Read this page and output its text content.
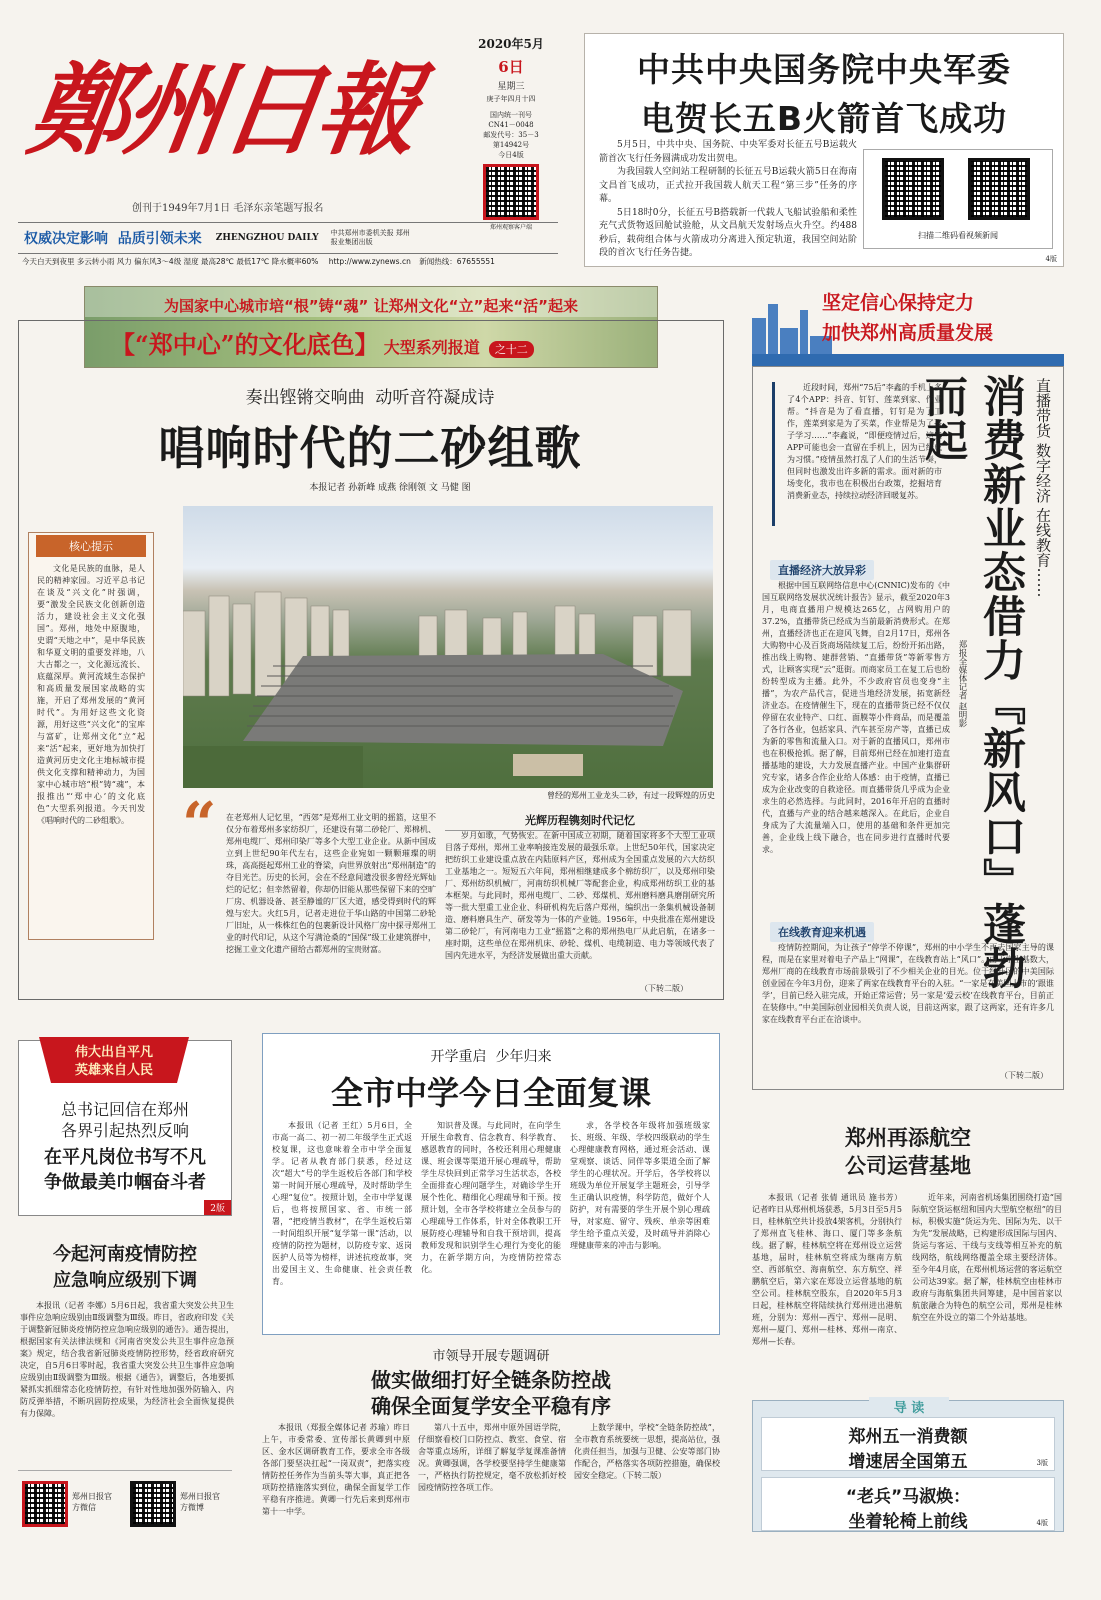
鄭州日報
创刊于1949年7月1日 毛泽东亲笔题写报名
2020年5月
6日
星期三
庚子年四月十四
国内统一刊号
CN41－0048
邮发代号：35－3
第14942号
今日4版
郑州观察客户端
权威决定影响  品质引领未来 ZHENGZHOU DAILY
中共郑州市委机关报 郑州报业集团出版
今天白天到夜里 多云转小雨 风力 偏东风3～4级 湿度 最高28℃ 最低17℃ 降水概率60% http://www.zynews.cn 新闻热线：67655551
中共中央国务院中央军委
电贺长五B火箭首飞成功

5月5日，中共中央、国务院、中央军委对长征五号B运载火箭首次飞行任务圆满成功发出贺电。

为我国载人空间站工程研制的长征五号B运载火箭5日在海南文昌首飞成功，正式拉开我国载人航天工程“第三步”任务的序幕。

5日18时0分，长征五号B搭载新一代载人飞船试验船和柔性充气式货物返回舱试验舱，从文昌航天发射场点火升空。约488秒后，载荷组合体与火箭成功分离进入预定轨道，我国空间站阶段的首次飞行任务告捷。

扫描二维码看视频新闻
4版
为国家中心城市培“根”铸“魂” 让郑州文化“立”起来“活”起来
【“郑中心”的文化底色】 大型系列报道 之十二
奏出铿锵交响曲  动听音符凝成诗
唱响时代的二砂组歌
本报记者 孙新峰 成燕 徐刚领 文 马健 图
核心提示

文化是民族的血脉，是人民的精神家园。习近平总书记在谈及“兴文化”时强调，要“激发全民族文化创新创造活力，建设社会主义文化强国”。郑州，地处中原腹地，史谓“天地之中”，是中华民族和华夏文明的重要发祥地，八大古都之一，文化源远流长、底蕴深厚。黄河流域生态保护和高质量发展国家战略的实施，开启了郑州发展的“黄河时代”。为用好这些文化资源，用好这些“兴文化”的宝库与富矿，让郑州文化“立”起来“活”起来，更好地为加快打造黄河历史文化主地标城市提供文化支撑和精神动力，为国家中心城市培“根”铸“魂”，本报推出“‘郑中心’的文化底色”大型系列报道。今天刊发《唱响时代的二砂组歌》。

曾经的郑州工业龙头二砂，有过一段辉煌的历史
“	在老郑州人记忆里，“西郊”是郑州工业文明的摇篮，这里不仅分布着郑州多家纺织厂，还建设有第二砂轮厂、郑棉机、郑州电缆厂、郑州印染厂等多个大型工业企业。从新中国成立到上世纪90年代左右，这些企业宛如一颗颗璀璨的明珠，高高挺起郑州工业的脊梁，向世界放射出“郑州制造”的夺目光芒。历史的长河，会在不经意间遗没很多曾经光辉灿烂的记忆；但幸然留着，你却仍旧能从那些保留下来的空旷厂房、机器设备、甚至静谧的厂区大道，感受得到时代的辉煌与宏大。火红5月，记者走进位于华山路的中国第二砂轮厂旧址，从一株株红色的包裹新设计风格厂房中探寻郑州工业的时代印记，从这个写满沧桑的“国保”级工业建筑群中，挖掘工业文化遗产留给古都郑州的宝贵财富。

光辉历程镌刻时代记忆

岁月如歌，气势恢宏。在新中国成立初期，随着国家将多个大型工业项目落子郑州，郑州工业率响接连发展的最强乐章。上世纪50年代，国家决定把纺织工业建设重点放在内陆原料产区，郑州成为全国重点发展的六大纺织工业基地之一。短短五六年间，郑州相继建成多个棉纺织厂，以及郑州印染厂、郑州纺织机械厂，河南纺织机械厂等配套企业，构成郑州纺织工业的基本框架。与此同时，郑州电缆厂、二砂、郑煤机、郑州磨料磨具磨削研究所等一批大型重工业企业、科研机构先后落户郑州，编织出一条集机械设备制造、磨料磨具生产、研发等为一体的产业链。1956年，中央批准在郑州建设第二砂轮厂，有河南电力工业“摇篮”之称的郑州热电厂从此启航，在诸多一座时期，这些单位在郑州机床、砂轮、煤机、电缆制造、电力等领域代表了国内先进水平，为经济发展做出重大贡献。

（下转二版）
坚定信心保持定力
加快郑州高质量发展
消费新业态借力『新风口』蓬勃而起	直播带货 数字经济 在线教育……
郑报全媒体记者 赵明影

近段时间，郑州“75后”李鑫的手机上多了4个APP：抖音、钉钉、莲菜到家、作业帮。“抖音是为了看直播，钉钉是为了工作，莲菜到家是为了买菜，作业帮是为了孩子学习……”李鑫说，“即便疫情过后，这些APP可能也会一直留在手机上，因为已经成为习惯。”疫情虽然打乱了人们的生活节奏，但同时也激发出许多新的需求。面对新的市场变化，我市也在积极出台政策，挖掘培育消费新业态，持续拉动经济回暖复苏。

直播经济大放异彩

根据中国互联网络信息中心(CNNIC)发布的《中国互联网络发展状况统计报告》显示，截至2020年3月，电商直播用户规模达265亿，占网购用户的37.2%，直播带货已经成为当前最新消费形式。在郑州，直播经济也正在迎风飞舞，自2月17日，郑州各大购物中心及百货商场陆续复工后，纷纷开拓出路，推出线上购物、建群营销、“直播带货”等新零售方式，让顾客实现“云”逛街。而商家员工在复工后也纷纷转型成为主播。此外，不少政府官员也变身“主播”，为农产品代言，促进当地经济发展，拓宽新经济业态。在疫情催生下，现在的直播带货已经不仅仅停留在农业特产、口红、面膜等小件商品，而是覆盖了各行各业，包括家具、汽车甚至房产等，直播已成为新的零售和流量入口。对于新的直播风口，郑州市也在积极抢抓。据了解，目前郑州已经在加速打造直播基地的建设，大力发展直播产业。中国产业集群研究专家，诸多合作企业给人体感：由于疫情，直播已成为企业改变的自救途径。而直播带货几乎成为企业求生的必然选择。与此同时，2016年开启的直播时代，直播与产业的结合越来越深入。在此后，企业自身成为了大流量端入口，使用的基础和条件更加完善，企业线上线下融合，也在同步进行直播时代要求。

在线教育迎来机遇

疫情防控期间，为让孩子“停学不停课”，郑州的中小学生不再去国家主导的课程，而是在家里对着电子产品上“网课”，在线教育站上“风口”。由于学生基数大，郑州厂商的在线教育市场前景吸引了不少相关企业的目光。位于经开区的中美国际创业园在今年3月份，迎来了两家在线教育平台的入驻。“一家是在美国上市的‘跟谁学’，目前已经入驻完成，开始正常运营；另一家是‘爱云校’在线教育平台，目前正在装修中。”中美国际创业园相关负责人说，目前这两家，跟了这两家，还有许多几家在线教育平台正在洽谈中。

（下转二版）
伟大出自平凡
英雄来自人民
总书记回信在郑州
各界引起热烈反响
在平凡岗位书写不凡
争做最美巾帼奋斗者
2版
今起河南疫情防控
应急响应级别下调

本报讯（记者 李娜）5月6日起，我省重大突发公共卫生事件应急响应级别由Ⅱ级调整为Ⅲ级。昨日，省政府印发《关于调整新冠肺炎疫情防控应急响应级别的通告》。通告提出，根据国家有关法律法规和《河南省突发公共卫生事件应急预案》规定，结合我省新冠肺炎疫情防控形势，经省政府研究决定，自5月6日零时起，我省重大突发公共卫生事件应急响应级别由Ⅱ级调整为Ⅲ级。根据《通告》，调整后，各地要抓紧抓实抓细常态化疫情防控，有针对性地加强外防输入、内防反弹举措，不断巩固防控成果，为经济社会全面恢复提供有力保障。

开学重启  少年归来
全市中学今日全面复课

本报讯（记者 王红）5月6日，全市高一高二、初一初二年级学生正式返校复课，这也意味着全市中学全面复学。记者从教育部门获悉，经过这次“超大”号的学生返校后各部门和学校第一时间开展心理疏导，及时帮助学生心理“复位”。按照计划，全市中学复课后，也将按照国家、省、市统一部署，“把疫情当教材”，在学生返校后第一时间组织开展“复学第一课”活动，以疫情的防控为题材，以防疫专家、返岗医护人员等为榜样，讲述抗疫故事，突出爱国主义、生命健康、社会责任教育。

知识普及课。与此同时，在向学生开展生命教育、信念教育、科学教育、感恩教育的同时，各校还利用心理健康课、班会课等渠道开展心理疏导，帮助学生尽快回到正常学习生活状态，各校全面排查心理问题学生，对确诊学生开展个性化、精细化心理疏导和干预。按照计划，全市各学校将建立全员参与的心理疏导工作体系，针对全体教职工开展防疫心理辅导和自我干预培训，提高教师发现和识别学生心理行为变化的能力，在新学期方向，为疫情防控常态化。

求，各学校各年级将加强班级家长、班级、年级、学校四级联动的学生心理健康教育网格，通过班会活动、课堂观察、谈话、同伴等多渠道全面了解学生的心理状况。开学后，各学校将以班级为单位开展复学主题班会，引导学生正确认识疫情，科学防范，做好个人防护，对有需要的学生开展个别心理疏导，对家庭、留守、残疾、单亲等困难学生给予重点关爱，及时疏导并消除心理健康带来的冲击与影响。

市领导开展专题调研
做实做细打好全链条防控战
确保全面复学安全平稳有序

本报讯（郑报全媒体记者 苏瑜）昨日上午，市委常委、宣传部长黄卿到中原区、金水区调研教育工作，要求全市各级各部门要坚决扛起“一岗双责”，把落实疫情防控任务作为当前头等大事，真正把各项防控措施落实到位，确保全面复学工作平稳有序推进。黄卿一行先后来到郑州市第十一中学。

第八十五中，郑州中原外国语学院，仔细察看校门口防控点、教室、食堂、宿舍等重点场所，详细了解复学复课准备情况。黄卿强调，各学校要坚持学生健康第一，严格执行防控规定，毫不放松抓好校园疫情防控各项工作。

上数学课中，学校“全链条防控战”，全市教育系统要统一思想，提高站位，强化责任担当，加强与卫健、公安等部门协作配合，严格落实各项防控措施，确保校园安全稳定。（下转二版）

郑州再添航空
公司运营基地

本报讯（记者 张倩 通讯员 施书芳）记者昨日从郑州机场获悉，5月3日至5月5日，桂林航空共计投放4架客机，分别执行了郑州直飞桂林、海口、厦门等多条航线。据了解，桂林航空将在郑州设立运营基地，届时，桂林航空将成为继南方航空、西部航空、海南航空、东方航空、祥鹏航空后，第六家在郑设立运营基地的航空公司。桂林航空股东，自2020年5月3日起，桂林航空将陆续执行郑州进出港航班，分别为：郑州—西宁、郑州—昆明、郑州—厦门、郑州—桂林、郑州—南京、郑州—长春。

近年来，河南省机场集团围绕打造“国际航空货运枢纽和国内大型航空枢纽”的目标，积极实施“货运为先、国际为先、以干为先”发展战略，已构建形成国际与国内、货运与客运、干线与支线等相互补充的航线网络，航线网络覆盖全球主要经济体。至今年4月底，在郑州机场运营的客运航空公司达39家。据了解，桂林航空由桂林市政府与海航集团共同筹建，是中国首家以航旅融合为特色的航空公司，郑州是桂林航空在外设立的第二个外站基地。

导 读
郑州五一消费额
增速居全国第五	3版
“老兵”马淑焕：
坐着轮椅上前线	4版
郑州日报官方微信
郑州日报官方微博
